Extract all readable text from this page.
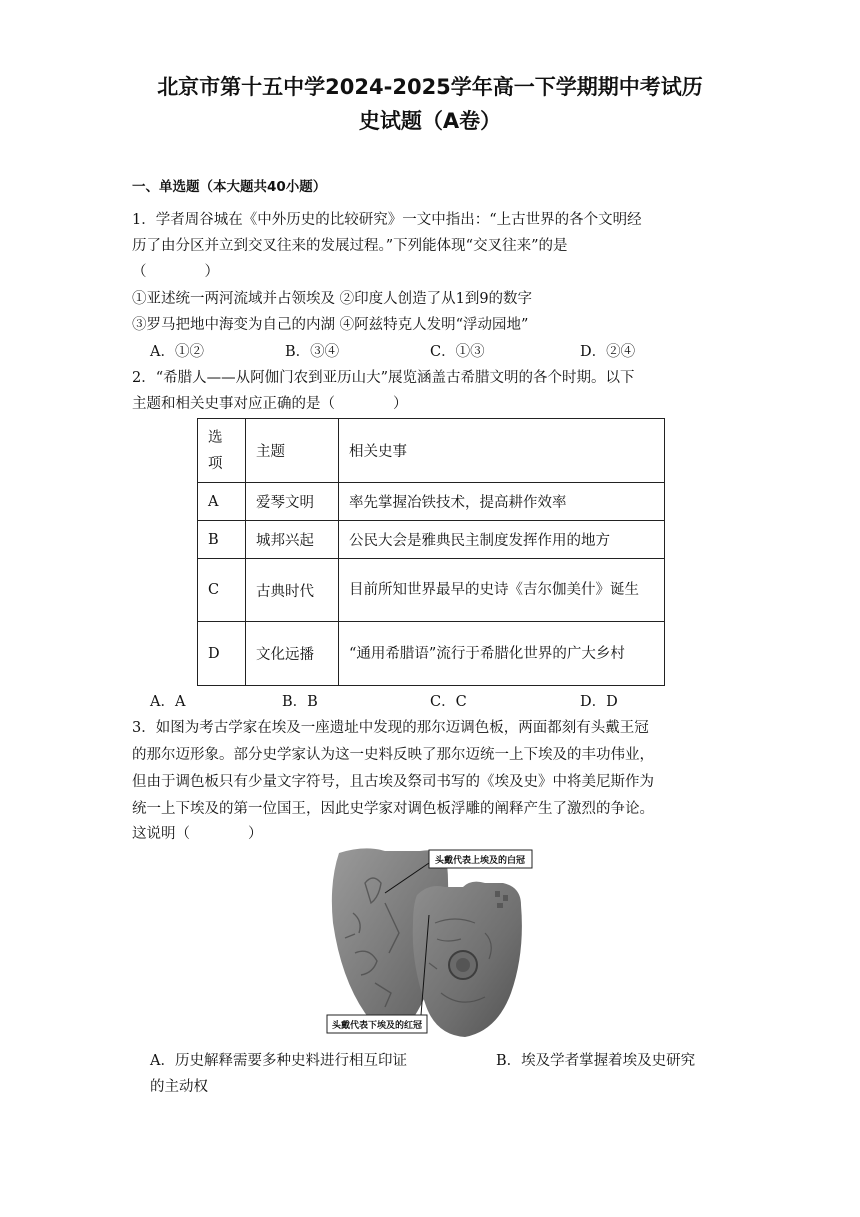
北京市第十五中学2024-2025学年高一下学期期中考试历
史试题（A卷）
一、单选题（本大题共40小题）
1．学者周谷城在《中外历史的比较研究》一文中指出：“上古世界的各个文明经
历了由分区并立到交叉往来的发展过程。”下列能体现“交叉往来”的是
（　　　　）
①亚述统一两河流域并占领埃及 ②印度人创造了从1到9的数字
③罗马把地中海变为自己的内湖 ④阿兹特克人发明“浮动园地”
A．①②	B．③④	C．①③	D．②④
2．“希腊人——从阿伽门农到亚历山大”展览涵盖古希腊文明的各个时期。以下
主题和相关史事对应正确的是（　　　　）
选项	主题	相关史事
A	爱琴文明	率先掌握冶铁技术，提高耕作效率
B	城邦兴起	公民大会是雅典民主制度发挥作用的地方
C	古典时代	目前所知世界最早的史诗《吉尔伽美什》诞生
D	文化远播	“通用希腊语”流行于希腊化世界的广大乡村
A．A	B．B	C．C	D．D
3．如图为考古学家在埃及一座遗址中发现的那尔迈调色板，两面都刻有头戴王冠
的那尔迈形象。部分史学家认为这一史料反映了那尔迈统一上下埃及的丰功伟业，
但由于调色板只有少量文字符号，且古埃及祭司书写的《埃及史》中将美尼斯作为
统一上下埃及的第一位国王，因此史学家对调色板浮雕的阐释产生了激烈的争论。
这说明（　　　　）
头戴代表上埃及的白冠
头戴代表下埃及的红冠
A．历史解释需要多种史料进行相互印证
的主动权
B．埃及学者掌握着埃及史研究
